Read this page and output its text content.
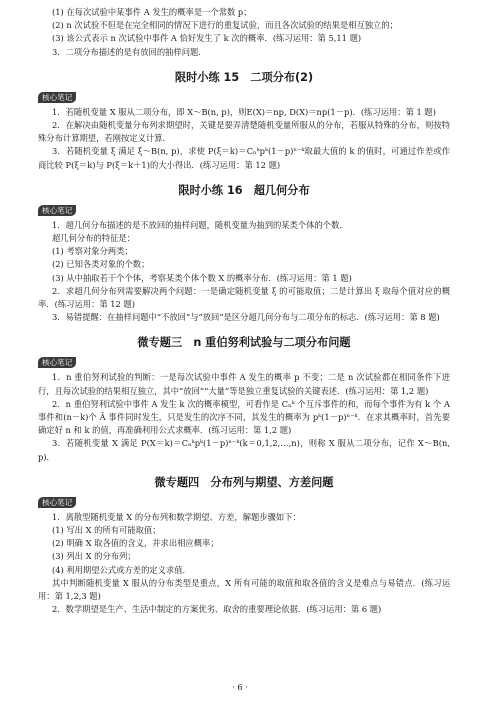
(1) 在每次试验中某事件 A 发生的概率是一个常数 p；

(2) n 次试验不但是在完全相同的情况下进行的重复试验，而且各次试验的结果是相互独立的；

(3) 该公式表示 n 次试验中事件 A 恰好发生了 k 次的概率．(练习运用：第 5,11 题)

3．二项分布描述的是有放回的抽样问题．

限时小练 15　二项分布(2)
核心笔记

1．若随机变量 X 服从二项分布，即 X～B(n, p)，则E(X)＝np, D(X)＝np(1－p)．(练习运用：第 1 题)

2．在解决由随机变量分布列求期望时，关键是要弄清楚随机变量所服从的分布，若服从特殊的分布，则按特殊分布计算期望，若刚按定义计算．

3．若随机变量 ξ 满足 ξ～B(n, p)，求使 P(ξ＝k)＝Cₙᵏpᵏ(1－p)ⁿ⁻ᵏ取最大值的 k 的值时，可通过作差或作商比较 P(ξ＝k)与 P(ξ＝k＋1)的大小得出．(练习运用：第 12 题)

限时小练 16　超几何分布
核心笔记

1．超几何分布描述的是不放回的抽样问题，随机变量为抽到的某类个体的个数．

超几何分布的特征是：

(1) 考察对象分两类；

(2) 已知各类对象的个数；

(3) 从中抽取若干个个体，考察某类个体个数 X 的概率分布．(练习运用：第 1 题)

2．求超几何分布列需要解决两个问题：一是确定随机变量 ξ 的可能取值；二是计算出 ξ 取每个值对应的概率．(练习运用：第 12 题)

3．易错提醒：在抽样问题中“不放回”与“放回”是区分超几何分布与二项分布的标志．(练习运用：第 8 题)

微专题三　n 重伯努利试验与二项分布问题
核心笔记

1．n 重伯努利试验的判断：一是每次试验中事件 A 发生的概率 p 不变；二是 n 次试验都在相同条件下进行，且每次试验的结果相互独立，其中“放回”“大量”等是独立重复试验的关键表述．(练习运用：第 1,2 题)

2．n 重伯努利试验中事件 A 发生 k 次的概率模型，可看作是 Cₙᵏ 个互斥事件的和，而每个事件为有 k 个 A 事件和(n－k)个 Ā 事件同时发生，只是发生的次序不同，其发生的概率为 pᵏ(1－p)ⁿ⁻ᵏ．在求其概率时，首先要确定好 n 和 k 的值，再准确利用公式求概率．(练习运用：第 1,2 题)

3．若随机变量 X 满足 P(X＝k)＝Cₙᵏpᵏ(1－p)ⁿ⁻ᵏ(k＝0,1,2,…,n)，则称 X 服从二项分布，记作 X～B(n, p)．

微专题四　分布列与期望、方差问题
核心笔记

1．离散型随机变量 X 的分布列和数学期望、方差，解题步骤如下：

(1) 写出 X 的所有可能取值；

(2) 明确 X 取各值的含义，并求出相应概率；

(3) 列出 X 的分布列；

(4) 利用期望公式或方差的定义求值．

其中判断随机变量 X 服从的分布类型是重点，X 所有可能的取值和取各值的含义是难点与易错点．(练习运用：第 1,2,3 题)

2．数学期望是生产、生活中制定的方案优劣、取舍的重要理论依据．(练习运用：第 6 题)

· 6 ·
